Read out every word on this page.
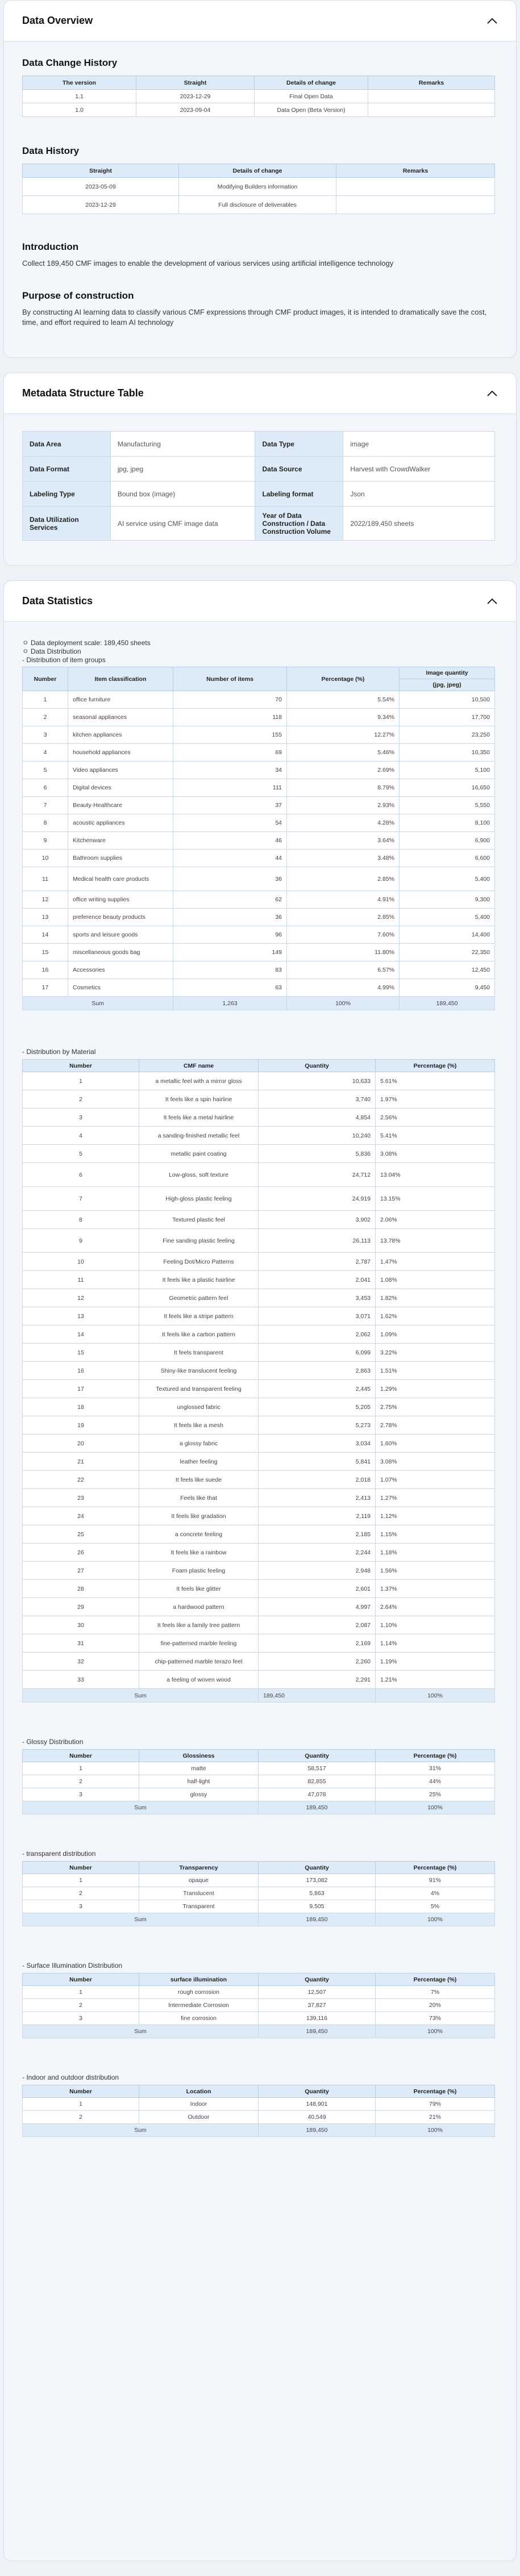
Data Overview
Data Change History
The version	Straight	Details of change	Remarks
1.1	2023-12-29	Final Open Data	
1.0	2023-09-04	Data Open (Beta Version)	
Data History
Straight	Details of change	Remarks
2023-05-09	Modifying Builders information	
2023-12-29	Full disclosure of deliverables	
Introduction

Collect 189,450 CMF images to enable the development of various services using artificial intelligence technology

Purpose of construction

By constructing AI learning data to classify various CMF expressions through CMF product images, it is intended to dramatically save the cost, time, and effort required to learn AI technology

Metadata Structure Table
Data Area	Manufacturing	Data Type	image
Data Format	jpg, jpeg	Data Source	Harvest with CrowdWalker
Labeling Type	Bound box (image)	Labeling format	Json
Data Utilization Services	AI service using CMF image data	Year of Data Construction / Data Construction Volume	2022/189,450 sheets
Data Statistics
ㅇ Data deployment scale: 189,450 sheets
ㅇ Data Distribution
- Distribution of item groups
Number	Item classification	Number of items	Percentage (%)	Image quantity
				(jpg, jpeg)
1	office furniture	70	5.54%	10,500
2	seasonal appliances	118	9.34%	17,700
3	kitchen appliances	155	12.27%	23,250
4	household appliances	69	5.46%	10,350
5	Video appliances	34	2.69%	5,100
6	Digital devices	111	8.79%	16,650
7	Beauty·Healthcare	37	2.93%	5,550
8	acoustic appliances	54	4.28%	8,100
9	Kitchenware	46	3.64%	6,900
10	Bathroom supplies	44	3.48%	6,600
11	Medical health care products	36	2.85%	5,400
12	office writing supplies	62	4.91%	9,300
13	preference beauty products	36	2.85%	5,400
14	sports and leisure goods	96	7.60%	14,400
15	miscellaneous goods bag	149	11.80%	22,350
16	Accessories	83	6.57%	12,450
17	Cosmetics	63	4.99%	9,450
Sum		1,263	100%	189,450
- Distribution by Material
Number	CMF name	Quantity	Percentage (%)
1	a metallic feel with a mirror gloss	10,633	5.61%
2	It feels like a spin hairline	3,740	1.97%
3	It feels like a metal hairline	4,854	2.56%
4	a sanding-finished metallic feel	10,240	5.41%
5	metallic paint coating	5,836	3.08%
6	Low-gloss, soft texture	24,712	13.04%
7	High-gloss plastic feeling	24,919	13.15%
8	Textured plastic feel	3,902	2.06%
9	Fine sanding plastic feeling	26,113	13.78%
10	Feeling Dot/Micro Patterns	2,787	1.47%
11	It feels like a plastic hairline	2,041	1.08%
12	Geometric pattern feel	3,453	1.82%
13	It feels like a stripe pattern	3,071	1.62%
14	It feels like a carbon pattern	2,062	1.09%
15	It feels transparent	6,099	3.22%
16	Shiny-like translucent feeling	2,863	1.51%
17	Textured and transparent feeling	2,445	1.29%
18	unglossed fabric	5,205	2.75%
19	It feels like a mesh	5,273	2.78%
20	a glossy fabric	3,034	1.60%
21	leather feeling	5,841	3.08%
22	It feels like suede	2,018	1.07%
23	Feels like that	2,413	1.27%
24	It feels like gradation	2,119	1.12%
25	a concrete feeling	2,185	1.15%
26	It feels like a rainbow	2,244	1.18%
27	Foam plastic feeling	2,948	1.56%
28	It feels like glitter	2,601	1.37%
29	a hardwood pattern	4,997	2.64%
30	It feels like a family tree pattern	2,087	1.10%
31	fine-patterned marble feeling	2,169	1.14%
32	chip-patterned marble terazo feel	2,260	1.19%
33	a feeling of woven wood	2,291	1.21%
Sum		189,450	100%
- Glossy Distribution
Number	Glossiness	Quantity	Percentage (%)
1	matte	58,517	31%
2	half-light	82,855	44%
3	glossy	47,078	25%
Sum		189,450	100%
- transparent distribution
Number	Transparency	Quantity	Percentage (%)
1	opaque	173,082	91%
2	Translucent	5,863	4%
3	Transparent	9,505	5%
Sum		189,450	100%
- Surface Illumination Distribution
Number	surface illumination	Quantity	Percentage (%)
1	rough corrosion	12,507	7%
2	Intermediate Corrosion	37,827	20%
3	fine corrosion	139,116	73%
Sum		189,450	100%
- Indoor and outdoor distribution
Number	Location	Quantity	Percentage (%)
1	Indoor	148,901	79%
2	Outdoor	40,549	21%
Sum		189,450	100%
